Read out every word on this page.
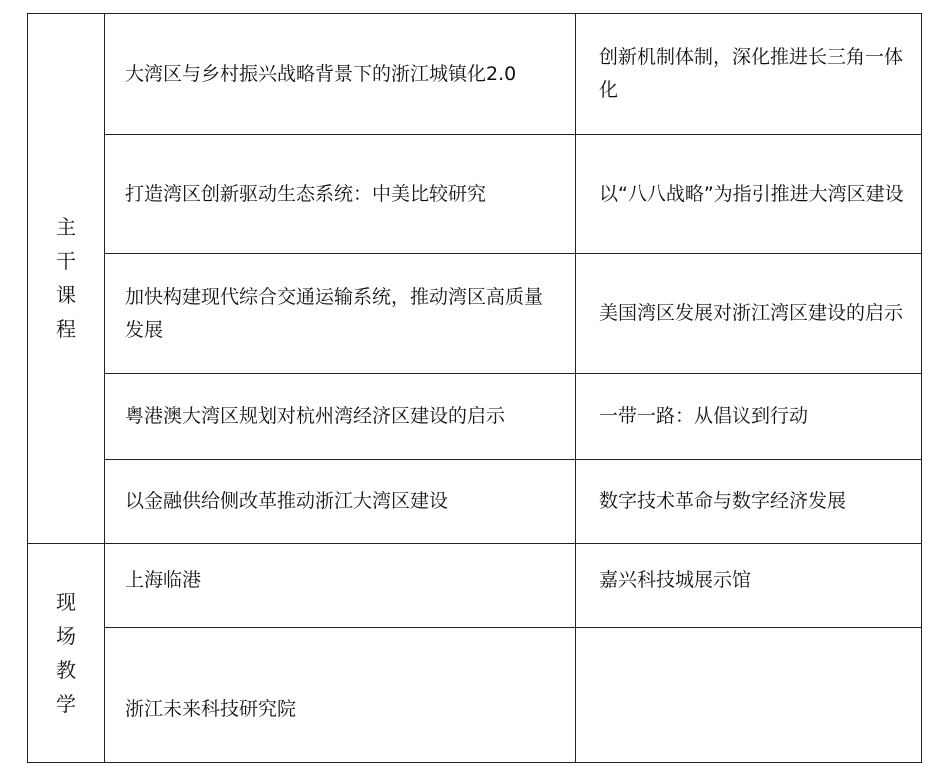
主干课程	大湾区与乡村振兴战略背景下的浙江城镇化2.0	创新机制体制，深化推进长三角一体化
	打造湾区创新驱动生态系统：中美比较研究	以“八八战略”为指引推进大湾区建设
	加快构建现代综合交通运输系统，推动湾区高质量发展	美国湾区发展对浙江湾区建设的启示
	粤港澳大湾区规划对杭州湾经济区建设的启示	一带一路：从倡议到行动
	以金融供给侧改革推动浙江大湾区建设	数字技术革命与数字经济发展
现场教学	上海临港	嘉兴科技城展示馆
	浙江未来科技研究院	
